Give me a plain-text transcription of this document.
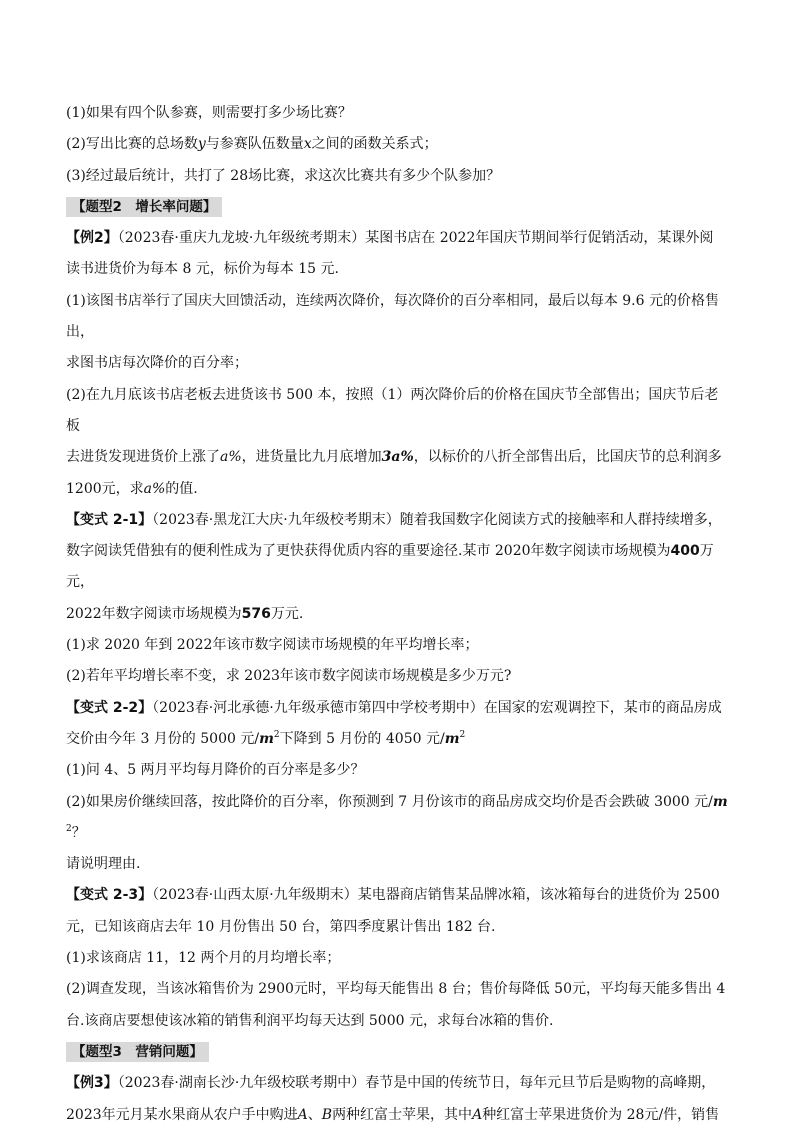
(1)如果有四个队参赛，则需要打多少场比赛？

(2)写出比赛的总场数y与参赛队伍数量x之间的函数关系式；

(3)经过最后统计，共打了 28场比赛，求这次比赛共有多少个队参加？

【题型2　增长率问题】

【例2】（2023春·重庆九龙坡·九年级统考期末）某图书店在 2022年国庆节期间举行促销活动，某课外阅

读书进货价为每本 8 元，标价为每本 15 元.

(1)该图书店举行了国庆大回馈活动，连续两次降价，每次降价的百分率相同，最后以每本 9.6 元的价格售出，

求图书店每次降价的百分率；

(2)在九月底该书店老板去进货该书 500 本，按照（1）两次降价后的价格在国庆节全部售出；国庆节后老板

去进货发现进货价上涨了a%，进货量比九月底增加3a%，以标价的八折全部售出后，比国庆节的总利润多

1200元，求a%的值.

【变式 2-1】（2023春·黑龙江大庆·九年级校考期末）随着我国数字化阅读方式的接触率和人群持续增多，

数字阅读凭借独有的便利性成为了更快获得优质内容的重要途径.某市 2020年数字阅读市场规模为400万元，

2022年数字阅读市场规模为576万元.

(1)求 2020 年到 2022年该市数字阅读市场规模的年平均增长率；

(2)若年平均增长率不变，求 2023年该市数字阅读市场规模是多少万元?

【变式 2-2】（2023春·河北承德·九年级承德市第四中学校考期中）在国家的宏观调控下，某市的商品房成

交价由今年 3 月份的 5000 元$/m^2$下降到 5 月份的 4050 元$/m^2$

(1)问 4、5 两月平均每月降价的百分率是多少？

(2)如果房价继续回落，按此降价的百分率，你预测到 7 月份该市的商品房成交均价是否会跌破 3000 元$/m^2$？

请说明理由.

【变式 2-3】（2023春·山西太原·九年级期末）某电器商店销售某品牌冰箱，该冰箱每台的进货价为 2500

元，已知该商店去年 10 月份售出 50 台，第四季度累计售出 182 台.

(1)求该商店 11，12 两个月的月均增长率；

(2)调查发现，当该冰箱售价为 2900元时，平均每天能售出 8 台；售价每降低 50元，平均每天能多售出 4

台.该商店要想使该冰箱的销售利润平均每天达到 5000 元，求每台冰箱的售价.

【题型3　营销问题】

【例3】（2023春·湖南长沙·九年级校联考期中）春节是中国的传统节日，每年元旦节后是购物的高峰期，

2023年元月某水果商从农户手中购进A、B两种红富士苹果，其中A种红富士苹果进货价为 28元/件，销售
